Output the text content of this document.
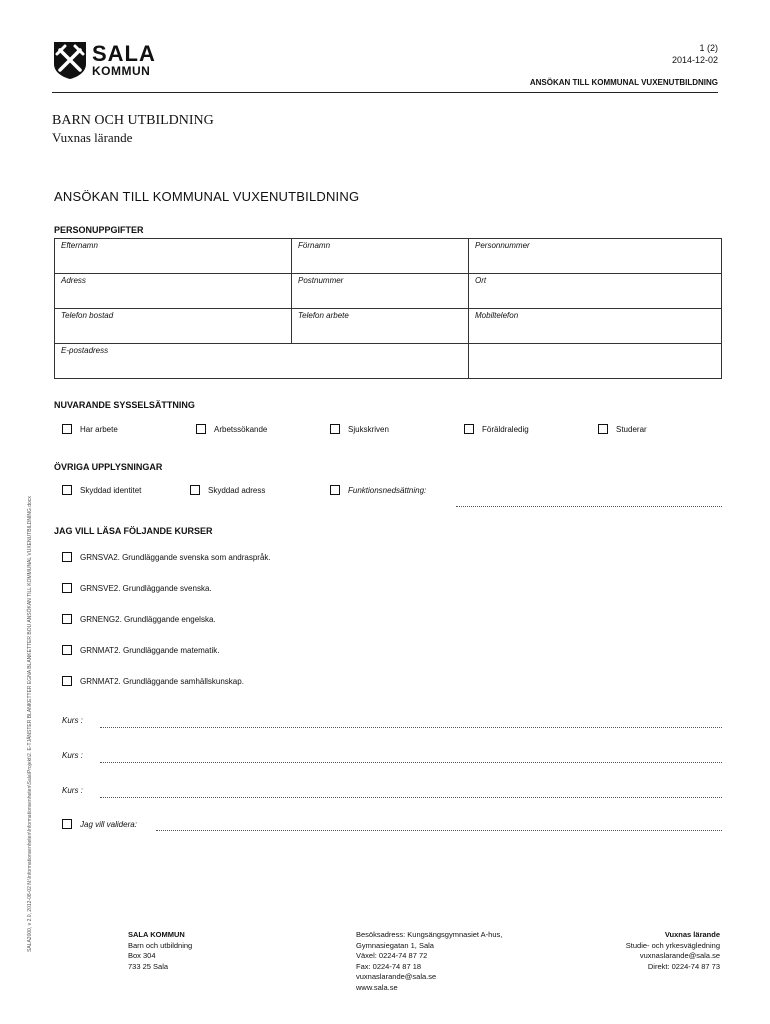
SALA
KOMMUN
1 (2)
2014-12-02
ANSÖKAN TILL KOMMUNAL VUXENUTBILDNING
BARN OCH UTBILDNING
Vuxnas lärande
ANSÖKAN TILL KOMMUNAL VUXENUTBILDNING
PERSONUPPGIFTER
Efternamn	Förnamn	Personnummer
Adress	Postnummer	Ort
Telefon bostad	Telefon arbete	Mobiltelefon
E-postadress		
NUVARANDE SYSSELSÄTTNING
Har arbete	Arbetssökande	Sjukskriven	Föräldraledig	Studerar
ÖVRIGA UPPLYSNINGAR
Skyddad identitet	Skyddad adress	Funktionsnedsättning:
JAG VILL LÄSA FÖLJANDE KURSER
GRNSVA2. Grundläggande svenska som andraspråk.
GRNSVE2. Grundläggande svenska.
GRNENG2. Grundläggande engelska.
GRNMAT2. Grundläggande matematik.
GRNMAT2. Grundläggande samhällskunskap.
Kurs :
Kurs :
Kurs :
Jag vill validera:
SALA2000, v 2.0, 2012-08-02 N:\Informationsenheten\Informationsenheten\Sala\Projekt\2. E-TJÄNSTER BLANKETTER EGNA BLANKETTER BOU ANSÖKAN TILL KOMMUNAL VUXENUTBILDNING.docx	SALA KOMMUN
Barn och utbildning
Box 304
733 25 Sala
Besöksadress: Kungsängsgymnasiet A-hus,
Gymnasiegatan 1, Sala
Växel: 0224-74 87 72
Fax: 0224-74 87 18
vuxnaslarande@sala.se
www.sala.se
Vuxnas lärande
Studie- och yrkesvägledning
vuxnaslarande@sala.se
Direkt: 0224-74 87 73
